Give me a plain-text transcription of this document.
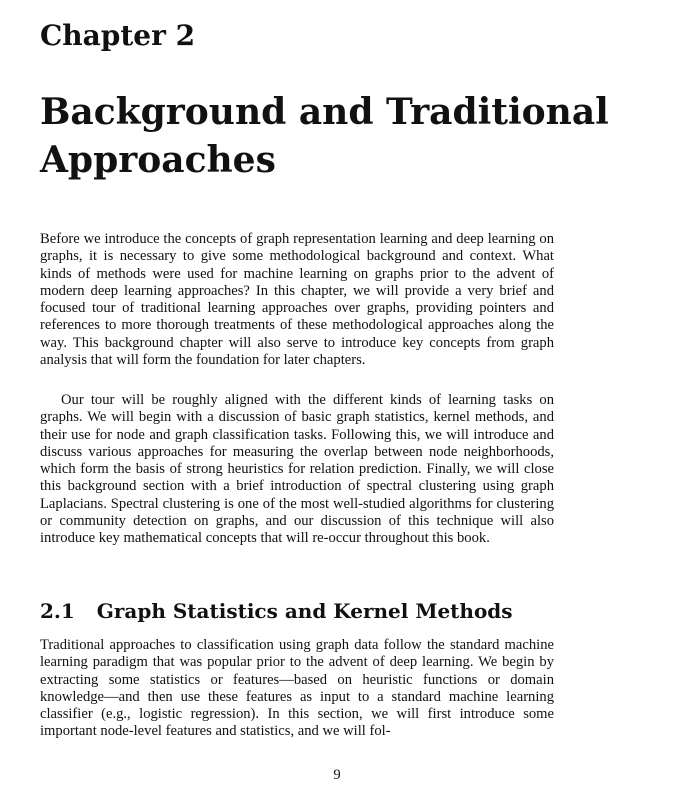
Chapter 2
Background and Traditional Approaches

Before we introduce the concepts of graph representation learning and deep learning on graphs, it is necessary to give some methodological background and context. What kinds of methods were used for machine learning on graphs prior to the advent of modern deep learning approaches? In this chapter, we will provide a very brief and focused tour of traditional learning approaches over graphs, providing pointers and references to more thorough treatments of these methodological approaches along the way. This background chapter will also serve to introduce key concepts from graph analysis that will form the foundation for later chapters.

Our tour will be roughly aligned with the different kinds of learning tasks on graphs. We will begin with a discussion of basic graph statistics, kernel methods, and their use for node and graph classification tasks. Following this, we will introduce and discuss various approaches for measuring the overlap between node neighborhoods, which form the basis of strong heuristics for relation prediction. Finally, we will close this background section with a brief introduction of spectral clustering using graph Laplacians. Spectral clustering is one of the most well-studied algorithms for clustering or community detection on graphs, and our discussion of this technique will also introduce key mathematical concepts that will re-occur throughout this book.

2.1 Graph Statistics and Kernel Methods

Traditional approaches to classification using graph data follow the standard machine learning paradigm that was popular prior to the advent of deep learning. We begin by extracting some statistics or features—based on heuristic functions or domain knowledge—and then use these features as input to a standard machine learning classifier (e.g., logistic regression). In this section, we will first introduce some important node-level features and statistics, and we will fol-

9
